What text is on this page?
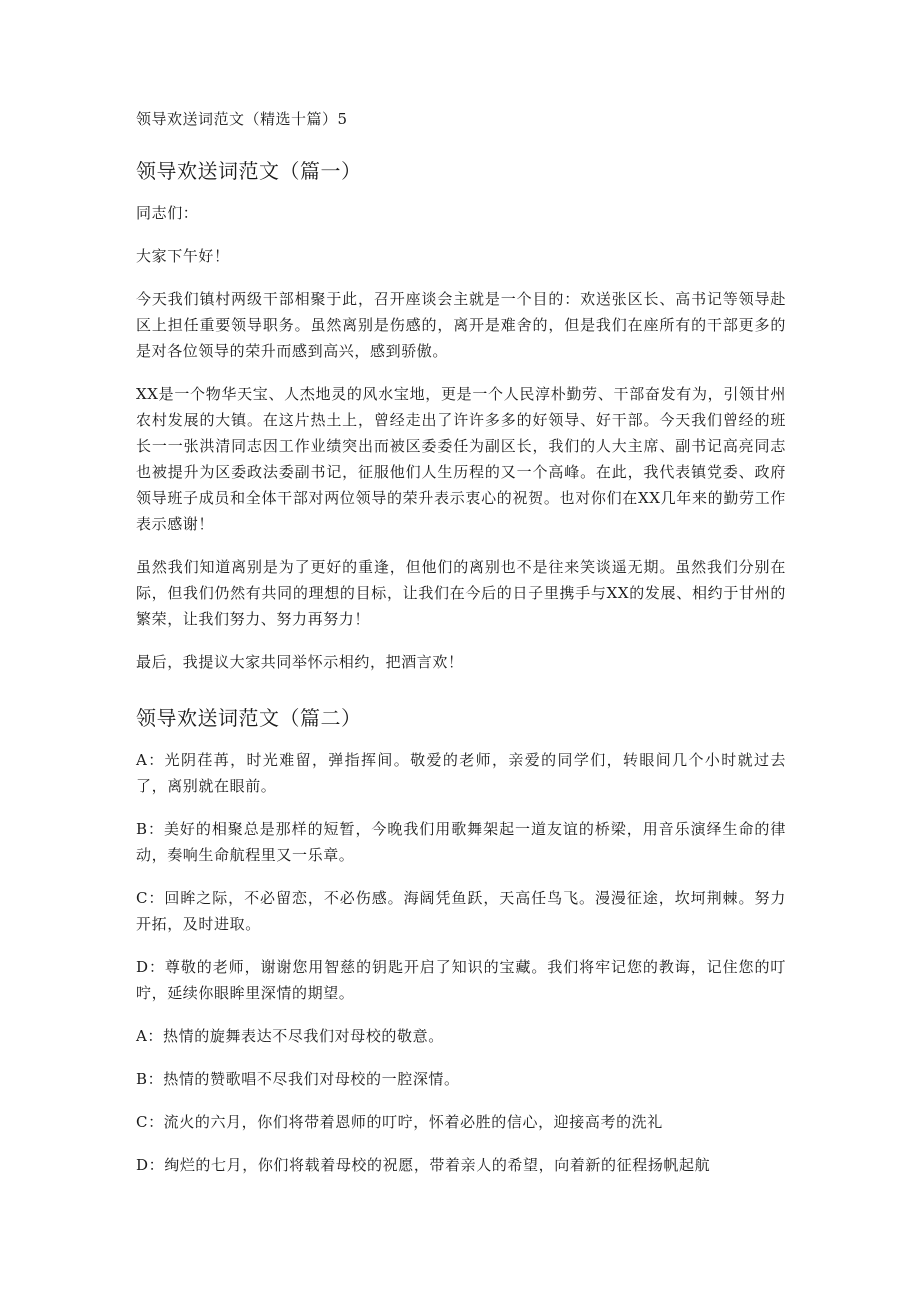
领导欢送词范文（精选十篇）5

领导欢送词范文（篇一）

同志们：

大家下午好！

今天我们镇村两级干部相聚于此，召开座谈会主就是一个目的：欢送张区长、高书记等领导赴区上担任重要领导职务。虽然离别是伤感的，离开是难舍的，但是我们在座所有的干部更多的是对各位领导的荣升而感到高兴，感到骄傲。

XX是一个物华天宝、人杰地灵的风水宝地，更是一个人民淳朴勤劳、干部奋发有为，引领甘州农村发展的大镇。在这片热土上，曾经走出了许许多多的好领导、好干部。今天我们曾经的班长一一张洪清同志因工作业绩突出而被区委委任为副区长，我们的人大主席、副书记高亮同志也被提升为区委政法委副书记，征服他们人生历程的又一个高峰。在此，我代表镇党委、政府领导班子成员和全体干部对两位领导的荣升表示衷心的祝贺。也对你们在XX几年来的勤劳工作表示感谢！

虽然我们知道离别是为了更好的重逢，但他们的离别也不是往来笑谈遥无期。虽然我们分别在际，但我们仍然有共同的理想的目标，让我们在今后的日子里携手与XX的发展、相约于甘州的繁荣，让我们努力、努力再努力！

最后，我提议大家共同举怀示相约，把酒言欢！

领导欢送词范文（篇二）

A：光阴荏苒，时光难留，弹指挥间。敬爱的老师，亲爱的同学们，转眼间几个小时就过去了，离别就在眼前。

B：美好的相聚总是那样的短暂，今晚我们用歌舞架起一道友谊的桥梁，用音乐演绎生命的律动，奏响生命航程里又一乐章。

C：回眸之际，不必留恋，不必伤感。海阔凭鱼跃，天高任鸟飞。漫漫征途，坎坷荆棘。努力开拓，及时进取。

D：尊敬的老师，谢谢您用智慈的钥匙开启了知识的宝藏。我们将牢记您的教诲，记住您的叮咛，延续你眼眸里深情的期望。

A：热情的旋舞表达不尽我们对母校的敬意。

B：热情的赞歌唱不尽我们对母校的一腔深情。

C：流火的六月，你们将带着恩师的叮咛，怀着必胜的信心，迎接高考的洗礼

D：绚烂的七月，你们将载着母校的祝愿，带着亲人的希望，向着新的征程扬帆起航
